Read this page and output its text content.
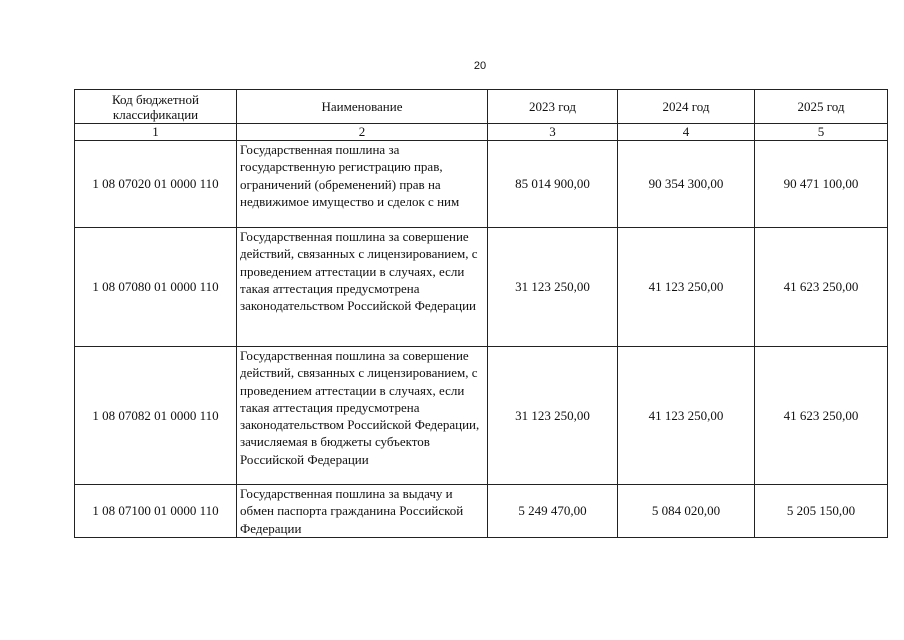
20
Код бюджетной классификации	Наименование	2023 год	2024 год	2025 год
1	2	3	4	5
1 08 07020 01 0000 110	Государственная пошлина за государственную регистрацию прав, ограничений (обременений) прав на недвижимое имущество и сделок с ним	85 014 900,00	90 354 300,00	90 471 100,00
1 08 07080 01 0000 110	Государственная пошлина за совершение действий, связанных с лицензированием, с проведением аттестации в случаях, если такая аттестация предусмотрена законодательством Российской Федерации	31 123 250,00	41 123 250,00	41 623 250,00
1 08 07082 01 0000 110	Государственная пошлина за совершение действий, связанных с лицензированием, с проведением аттестации в случаях, если такая аттестация предусмотрена законодательством Российской Федерации, зачисляемая в бюджеты субъектов Российской Федерации	31 123 250,00	41 123 250,00	41 623 250,00
1 08 07100 01 0000 110	Государственная пошлина за выдачу и обмен паспорта гражданина Российской Федерации	5 249 470,00	5 084 020,00	5 205 150,00
